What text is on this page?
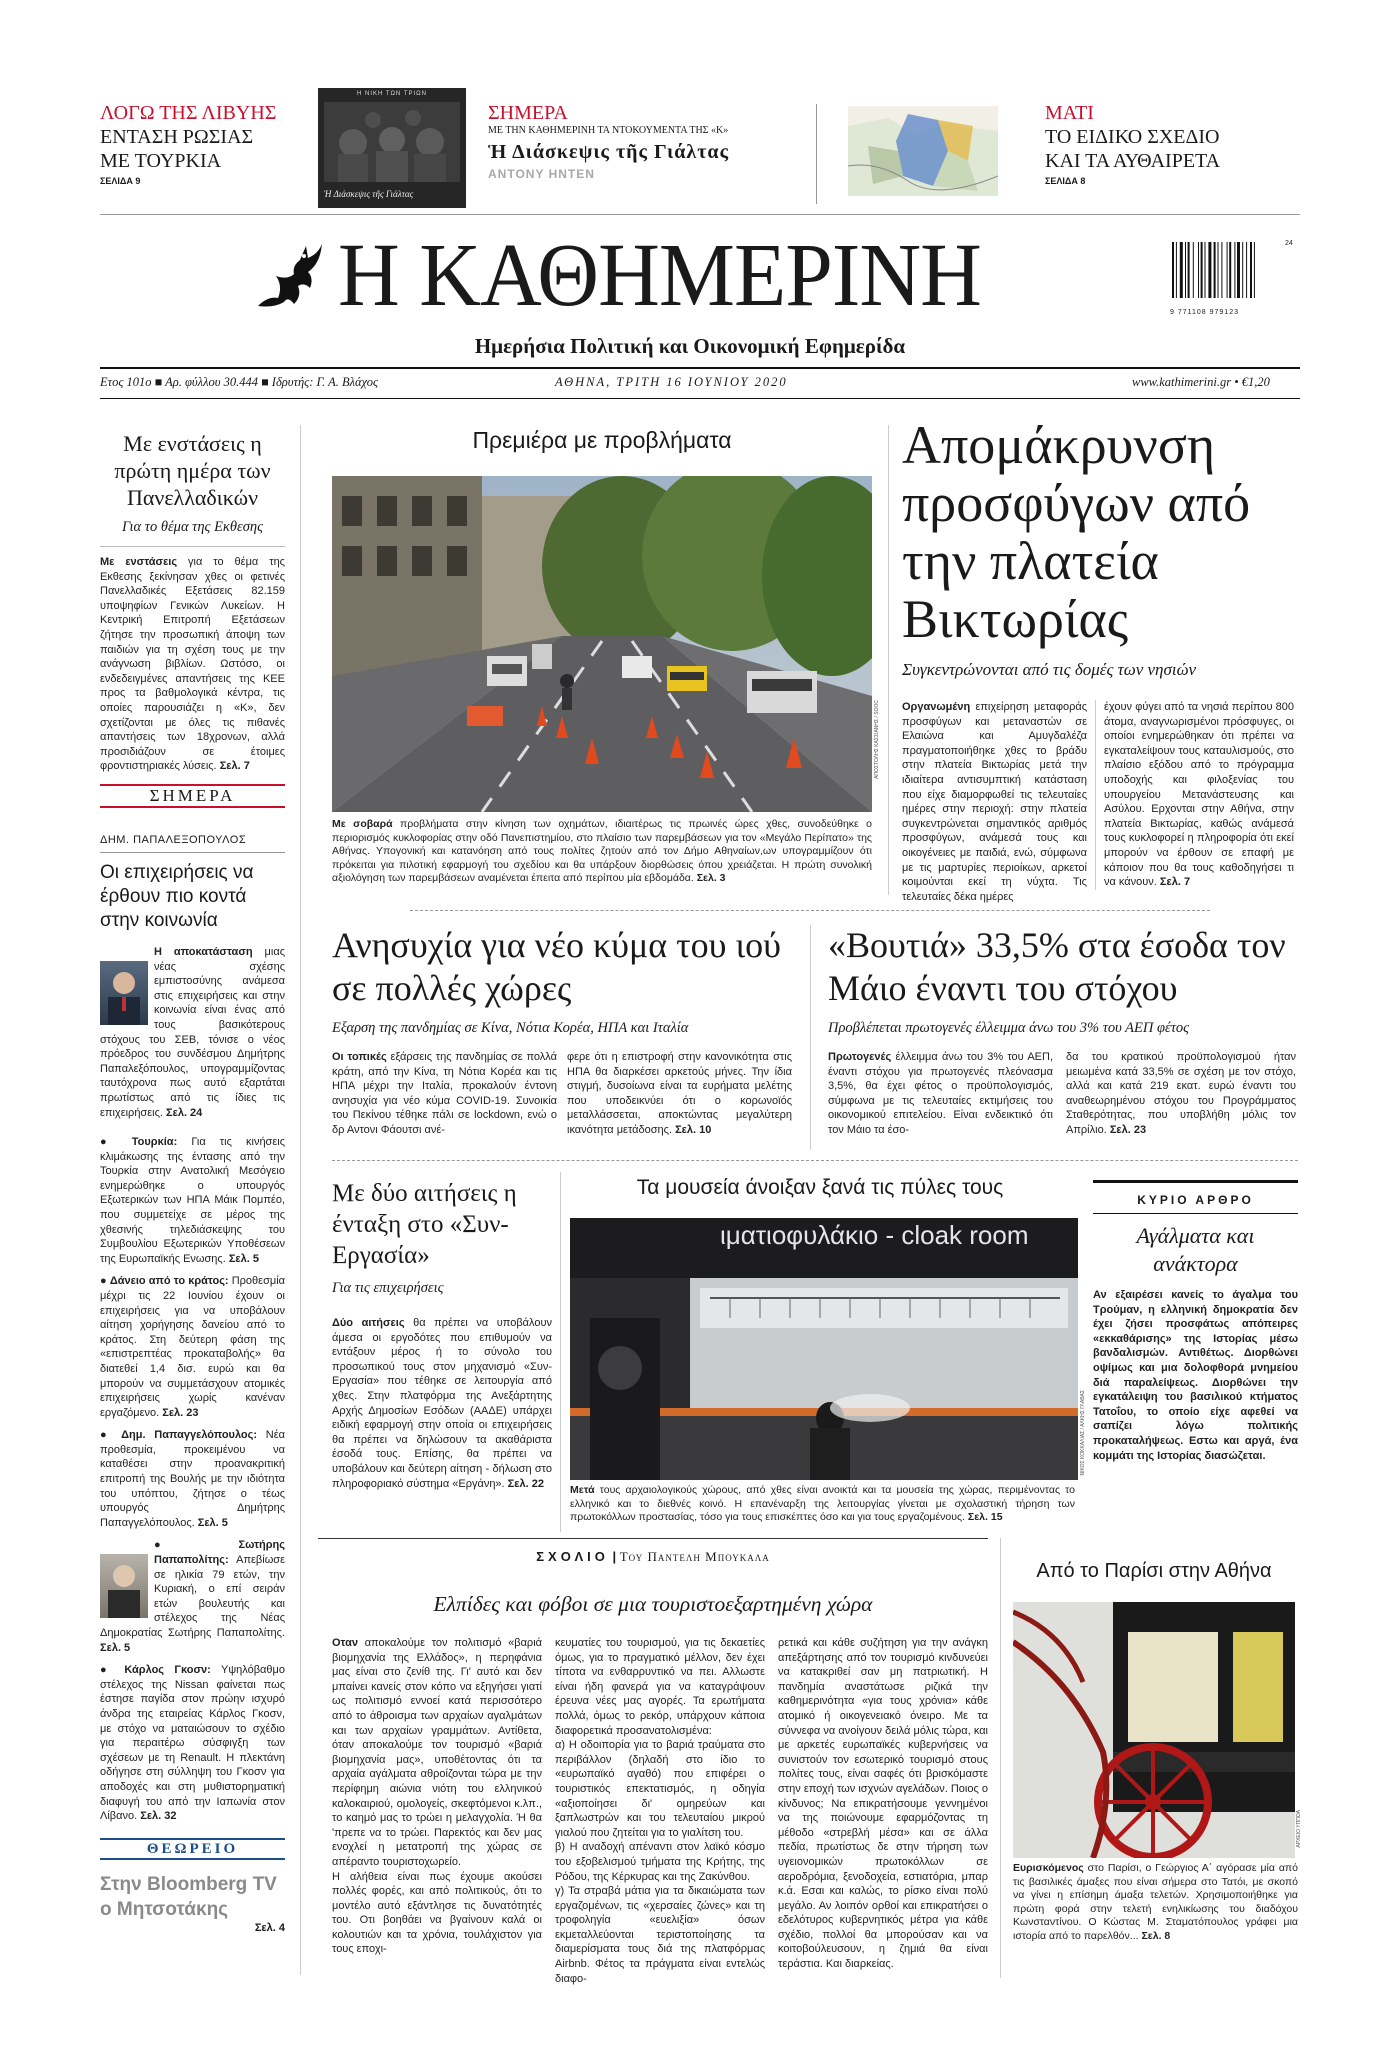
ΛΟΓΩ ΤΗΣ ΛΙΒΥΗΣ
ΕΝΤΑΣΗ ΡΩΣΙΑΣ
ΜΕ ΤΟΥΡΚΙΑ
ΣΕΛΙΔΑ 9
Η ΝΙΚΗ ΤΩΝ ΤΡΙΩΝ
Ἡ Διάσκεψις τῆς Γιάλτας
ΣΗΜΕΡΑ
ΜΕ ΤΗΝ ΚΑΘΗΜΕΡΙΝΗ ΤΑ ΝΤΟΚΟΥΜΕΝΤΑ ΤΗΣ «Κ»
Ἡ Διάσκεψις τῆς Γιάλτας
ANTONY HNTEN
ΜΑΤΙ
ΤΟ ΕΙΔΙΚΟ ΣΧΕΔΙΟ
ΚΑΙ ΤΑ ΑΥΘΑΙΡΕΤΑ
ΣΕΛΙΔΑ 8
Η ΚΑΘΗΜΕΡΙΝΗ
Ημερήσια Πολιτική και Οικονομική Εφημερίδα
9 771108 979123
24
Ετος 101ο ■ Αρ. φύλλου 30.444 ■ Ιδρυτής: Γ. Α. Βλάχος	ΑΘΗΝΑ, ΤΡΙΤΗ 16 ΙΟΥΝΙΟΥ 2020	www.kathimerini.gr • €1,20
Με ενστάσεις η πρώτη ημέρα των Πανελλαδικών
Για το θέμα της Εκθεσης

Με ενστάσεις για το θέμα της Εκθεσης ξεκίνησαν χθες οι φετινές Πανελλαδικές Εξετάσεις 82.159 υποψηφίων Γενικών Λυκείων. Η Κεντρική Επιτροπή Εξετάσεων ζήτησε την προσωπική άποψη των παιδιών για τη σχέση τους με την ανάγνωση βιβλίων. Ωστόσο, οι ενδεδειγμένες απαντήσεις της ΚΕΕ προς τα βαθμολογικά κέντρα, τις οποίες παρουσιάζει η «Κ», δεν σχετίζονται με όλες τις πιθανές απαντήσεις των 18χρονων, αλλά προσιδιάζουν σε έτοιμες φροντιστηριακές λύσεις. Σελ. 7

ΣΗΜΕΡΑ
ΔΗΜ. ΠΑΠΑΛΕΞΟΠΟΥΛΟΣ
Οι επιχειρήσεις να έρθουν πιο κοντά στην κοινωνία

Η αποκατάσταση μιας νέας σχέσης εμπιστοσύνης ανάμεσα στις επιχειρήσεις και στην κοινωνία είναι ένας από τους βασικότερους στόχους του ΣΕΒ, τόνισε ο νέος πρόεδρος του συνδέσμου Δημήτρης Παπαλεξόπουλος, υπογραμμίζοντας ταυτόχρονα πως αυτό εξαρτάται πρωτίστως από τις ίδιες τις επιχειρήσεις. Σελ. 24

● Τουρκία: Για τις κινήσεις κλιμάκωσης της έντασης από την Τουρκία στην Ανατολική Μεσόγειο ενημερώθηκε ο υπουργός Εξωτερικών των ΗΠΑ Μάικ Πομπέο, που συμμετείχε σε μέρος της χθεσινής τηλεδιάσκεψης του Συμβουλίου Εξωτερικών Υποθέσεων της Ευρωπαϊκής Ενωσης. Σελ. 5

● Δάνειο από το κράτος: Προθεσμία μέχρι τις 22 Ιουνίου έχουν οι επιχειρήσεις για να υποβάλουν αίτηση χορήγησης δανείου από το κράτος. Στη δεύτερη φάση της «επιστρεπτέας προκαταβολής» θα διατεθεί 1,4 δισ. ευρώ και θα μπορούν να συμμετάσχουν ατομικές επιχειρήσεις χωρίς κανέναν εργαζόμενο. Σελ. 23

● Δημ. Παπαγγελόπουλος: Νέα προθεσμία, προκειμένου να καταθέσει στην προανακριτική επιτροπή της Βουλής με την ιδιότητα του υπόπτου, ζήτησε ο τέως υπουργός Δημήτρης Παπαγγελόπουλος. Σελ. 5

● Σωτήρης Παπαπολίτης: Απεβίωσε σε ηλικία 79 ετών, την Κυριακή, ο επί σειράν ετών βουλευτής και στέλεχος της Νέας Δημοκρατίας Σωτήρης Παπαπολίτης. Σελ. 5

● Κάρλος Γκοσν: Υψηλόβαθμο στέλεχος της Nissan φαίνεται πως έστησε παγίδα στον πρώην ισχυρό άνδρα της εταιρείας Κάρλος Γκοσν, με στόχο να ματαιώσουν το σχέδιο για περαιτέρω σύσφιγξη των σχέσεων με τη Renault. Η πλεκτάνη οδήγησε στη σύλληψη του Γκοσν για αποδοχές και στη μυθιστορηματική διαφυγή του από την Ιαπωνία στον Λίβανο. Σελ. 32

ΘΕΩΡΕΙΟ
Στην Bloomberg TV ο Μητσοτάκης
Σελ. 4
Πρεμιέρα με προβλήματα
ΑΠΟΣΤΟΛΗΣ ΚΑΣΣΙΑΝΗΣ / SOOC

Με σοβαρά προβλήματα στην κίνηση των οχημάτων, ιδιαιτέρως τις πρωινές ώρες χθες, συνοδεύθηκε ο περιορισμός κυκλοφορίας στην οδό Πανεπιστημίου, στο πλαίσιο των παρεμβάσεων για τον «Μεγάλο Περίπατο» της Αθήνας. Υπογονική και κατανόηση από τους πολίτες ζητούν από τον Δήμο Αθηναίων,ων υπογραμμίζουν ότι πρόκειται για πιλοτική εφαρμογή του σχεδίου και θα υπάρξουν διορθώσεις όπου χρειάζεται. Η πρώτη συνολική αξιολόγηση των παρεμβάσεων αναμένεται έπειτα από περίπου μία εβδομάδα. Σελ. 3

Απομάκρυνση προσφύγων από την πλατεία Βικτωρίας
Συγκεντρώνονται από τις δομές των νησιών

Οργανωμένη επιχείρηση μεταφοράς προσφύγων και μεταναστών σε Ελαιώνα και Αμυγδαλέζα πραγματοποιήθηκε χθες το βράδυ στην πλατεία Βικτωρίας μετά την ιδιαίτερα αντισυμπτική κατάσταση που είχε διαμορφωθεί τις τελευταίες ημέρες στην περιοχή: στην πλατεία συγκεντρώνεται σημαντικός αριθμός προσφύγων, ανάμεσά τους και οικογένειες με παιδιά, ενώ, σύμφωνα με τις μαρτυρίες περιοίκων, αρκετοί κοιμούνται εκεί τη νύχτα. Τις τελευταίες δέκα ημέρες

έχουν φύγει από τα νησιά περίπου 800 άτομα, αναγνωρισμένοι πρόσφυγες, οι οποίοι ενημερώθηκαν ότι πρέπει να εγκαταλείψουν τους καταυλισμούς, στο πλαίσιο εξόδου από το πρόγραμμα υποδοχής και φιλοξενίας του υπουργείου Μετανάστευσης και Ασύλου. Ερχονται στην Αθήνα, στην πλατεία Βικτωρίας, καθώς ανάμεσά τους κυκλοφορεί η πληροφορία ότι εκεί μπορούν να έρθουν σε επαφή με κάποιον που θα τους καθοδηγήσει τι να κάνουν. Σελ. 7

Ανησυχία για νέο κύμα του ιού σε πολλές χώρες
Εξαρση της πανδημίας σε Κίνα, Νότια Κορέα, ΗΠΑ και Ιταλία

Οι τοπικές εξάρσεις της πανδημίας σε πολλά κράτη, από την Κίνα, τη Νότια Κορέα και τις ΗΠΑ μέχρι την Ιταλία, προκαλούν έντονη ανησυχία για νέο κύμα COVID-19. Συνοικία του Πεκίνου τέθηκε πάλι σε lockdown, ενώ ο δρ Αντονι Φάουτσι ανέ-

φερε ότι η επιστροφή στην κανονικότητα στις ΗΠΑ θα διαρκέσει αρκετούς μήνες. Την ίδια στιγμή, δυσοίωνα είναι τα ευρήματα μελέτης που υποδεικνύει ότι ο κορωνοϊός μεταλλάσσεται, αποκτώντας μεγαλύτερη ικανότητα μετάδοσης. Σελ. 10

«Βουτιά» 33,5% στα έσοδα τον Μάιο έναντι του στόχου
Προβλέπεται πρωτογενές έλλειμμα άνω του 3% του ΑΕΠ φέτος

Πρωτογενές έλλειμμα άνω του 3% του ΑΕΠ, έναντι στόχου για πρωτογενές πλεόνασμα 3,5%, θα έχει φέτος ο προϋπολογισμός, σύμφωνα με τις τελευταίες εκτιμήσεις του οικονομικού επιτελείου. Είναι ενδεικτικό ότι τον Μάιο τα έσο-

δα του κρατικού προϋπολογισμού ήταν μειωμένα κατά 33,5% σε σχέση με τον στόχο, αλλά και κατά 219 εκατ. ευρώ έναντι του αναθεωρημένου στόχου του Προγράμματος Σταθερότητας, που υποβλήθη μόλις τον Απρίλιο. Σελ. 23

Με δύο αιτήσεις η ένταξη στο «Συν-Εργασία»
Για τις επιχειρήσεις

Δύο αιτήσεις θα πρέπει να υποβάλουν άμεσα οι εργοδότες που επιθυμούν να εντάξουν μέρος ή το σύνολο του προσωπικού τους στον μηχανισμό «Συν-Εργασία» που τέθηκε σε λειτουργία από χθες. Στην πλατφόρμα της Ανεξάρτητης Αρχής Δημοσίων Εσόδων (ΑΑΔΕ) υπάρχει ειδική εφαρμογή στην οποία οι επιχειρήσεις θα πρέπει να δηλώσουν τα ακαθάριστα έσοδά τους. Επίσης, θα πρέπει να υποβάλουν και δεύτερη αίτηση - δήλωση στο πληροφοριακό σύστημα «Εργάνη». Σελ. 22

Τα μουσεία άνοιξαν ξανά τις πύλες τους
ιματιοφυλάκιο - cloak room
ΝΙΚΟΣ ΚΟΚΚΑΛΙΑΣ / ΑΛΚΗΣ ΓΛΑΒΑΣ

Μετά τους αρχαιολογικούς χώρους, από χθες είναι ανοικτά και τα μουσεία της χώρας, περιμένοντας το ελληνικό και το διεθνές κοινό. Η επανέναρξη της λειτουργίας γίνεται με σχολαστική τήρηση των πρωτοκόλλων προστασίας, τόσο για τους επισκέπτες όσο και για τους εργαζομένους. Σελ. 15

ΚΥΡΙΟ ΑΡΘΡΟ
Αγάλματα και ανάκτορα

Αν εξαιρέσει κανείς το άγαλμα του Τρούμαν, η ελληνική δημοκρατία δεν έχει ζήσει προσφάτως απόπειρες «εκκαθάρισης» της Ιστορίας μέσω βανδαλισμών. Αντιθέτως. Διορθώνει οψίμως και μια δολοφθορά μνημείου διά παραλείψεως. Διορθώνει την εγκατάλειψη του βασιλικού κτήματος Τατοΐου, το οποίο είχε αφεθεί να σαπίζει λόγω πολιτικής προκαταλήψεως. Εστω και αργά, ένα κομμάτι της Ιστορίας διασώζεται.

ΣΧΟΛΙΟ | Του Παντελη Μπουκαλα
Ελπίδες και φόβοι σε μια τουριστοεξαρτημένη χώρα

Οταν αποκαλούμε τον πολιτισμό «βαριά βιομηχανία της Ελλάδος», η περηφάνια μας είναι στο ζενίθ της. Γι' αυτό και δεν μπαίνει κανείς στον κόπο να εξηγήσει γιατί ως πολιτισμό εννοεί κατά περισσότερο από το άθροισμα των αρχαίων αγαλμάτων και των αρχαίων γραμμάτων. Αντίθετα, όταν αποκαλούμε τον τουρισμό «βαριά βιομηχανία μας», υποθέτοντας ότι τα αρχαία αγάλματα αθροίζονται τώρα με την περίφημη αιώνια νιότη του ελληνικού καλοκαιριού, ομολογείς, σκεφτόμενοι κ.λπ., το καημό μας το τρώει η μελαγχολία. Ή θα 'πρεπε να το τρώει. Παρεκτός και δεν μας ενοχλεί η μετατροπή της χώρας σε απέραντο τουριστοχωρείο.
Η αλήθεια είναι πως έχουμε ακούσει πολλές φορές, και από πολιτικούς, ότι το μοντέλο αυτό εξάντλησε τις δυνατότητές του. Οτι βοηθάει να βγαίνουν καλά οι κολουτιών και τα χρόνια, τουλάχιστον για τους εποχι-

κευματίες του τουρισμού, για τις δεκαετίες όμως, για το πραγματικό μέλλον, δεν έχει τίποτα να ενθαρρυντικό να πει. Αλλωστε είναι ήδη φανερά για να καταγράψουν έρευνα νέες μας αγορές. Τα ερωτήματα πολλά, όμως το ρεκόρ, υπάρχουν κάποια διαφορετικά προσανατολισμένα:
α) Η οδοιπορία για το βαριά τραύματα στο περιβάλλον (δηλαδή στο ίδιο το «ευρωπαϊκό αγαθό) που επιφέρει ο τουριστικός επεκτατισμός, η οδηγία «αξιοποίησει δι' ομηρεύων και ξαπλωστρών και του τελευταίου μικρού γιαλού που ζητείται για το γιαλίτση του.
β) Η αναδοχή απέναντι στον λαϊκό κόσμο του εξοβελισμού τμήματα της Κρήτης, της Ρόδου, της Κέρκυρας και της Ζακύνθου.
γ) Τα στραβά μάτια για τα δικαιώματα των εργαζομένων, τις «χερσαίες ζώνες» και τη τροφοληγία «ευελιξία» όσων εκμεταλλεύονται τεριστοποίησης τα διαμερίσματα τους διά της πλατφόρμας Airbnb. Φέτος τα πράγματα είναι εντελώς διαφο-

ρετικά και κάθε συζήτηση για την ανάγκη απεξάρτησης από τον τουρισμό κινδυνεύει να κατακριθεί σαν μη πατριωτική. Η πανδημία αναστάτωσε ριζικά την καθημερινότητα «για τους χρόνια» κάθε ατομικό ή οικογενειακό όνειρο. Με τα σύννεφα να ανοίγουν δειλά μόλις τώρα, και με αρκετές ευρωπαϊκές κυβερνήσεις να συνιστούν τον εσωτερικό τουρισμό στους πολίτες τους, είναι σαφές ότι βρισκόμαστε στην εποχή των ισχνών αγελάδων. Ποιος ο κίνδυνος; Να επικρατήσουμε γεννημένοι να της ποιώνουμε εφαρμόζοντας τη μέθοδο «στρεβλή μέσα» και σε άλλα πεδία, πρωτίστως δε στην τήρηση των υγειονομικών πρωτοκόλλων σε αεροδρόμια, ξενοδοχεία, εστιατόρια, μπαρ κ.ά. Εσαι και καλώς, το ρίσκο είναι πολύ μεγάλο. Αν λοιπόν ορθοί και επικρατήσει ο εδελότυρος κυβερνητικός μέτρα για κάθε σχέδιο, πολλοί θα μπορούσαν και να κοιτοβούλευσουν, η ζημιά θα είναι τεράστια. Και διαρκείας.

Από το Παρίσι στην Αθήνα
ΑΡΧΕΙΟ ΥΠΠΟΑ

Ευρισκόμενος στο Παρίσι, ο Γεώργιος Α΄ αγόρασε μία από τις βασιλικές άμαξες που είναι σήμερα στο Τατόι, με σκοπό να γίνει η επίσημη άμαξα τελετών. Χρησιμοποιήθηκε για πρώτη φορά στην τελετή ενηλικίωσης του διαδόχου Κωνσταντίνου. Ο Κώστας Μ. Σταματόπουλος γράφει μια ιστορία από το παρελθόν... Σελ. 8
